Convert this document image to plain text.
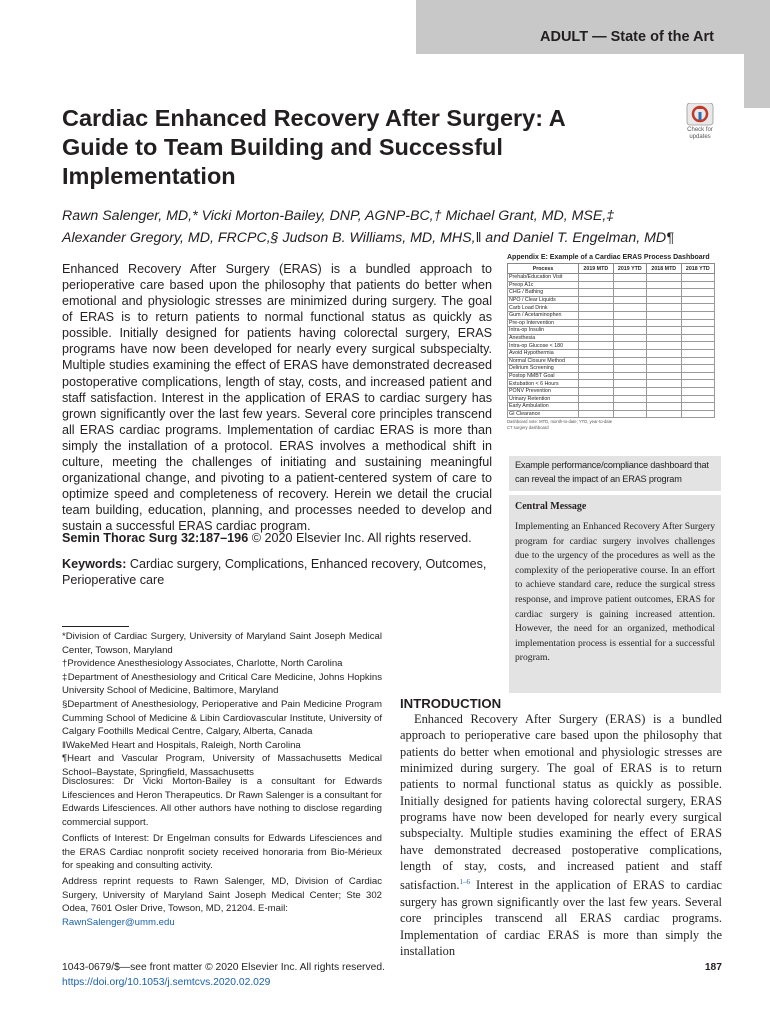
ADULT — State of the Art
Cardiac Enhanced Recovery After Surgery: A Guide to Team Building and Successful Implementation
Check for updates
Rawn Salenger, MD,* Vicki Morton-Bailey, DNP, AGNP-BC,† Michael Grant, MD, MSE,‡
Alexander Gregory, MD, FRCPC,§ Judson B. Williams, MD, MHS,‖ and Daniel T. Engelman, MD¶
Enhanced Recovery After Surgery (ERAS) is a bundled approach to perioperative care based upon the philosophy that patients do better when emotional and physiologic stresses are minimized during surgery. The goal of ERAS is to return patients to normal functional status as quickly as possible. Initially designed for patients having colorectal surgery, ERAS programs have now been developed for nearly every surgical subspecialty. Multiple studies examining the effect of ERAS have demonstrated decreased postoperative complications, length of stay, costs, and increased patient and staff satisfaction. Interest in the application of ERAS to cardiac surgery has grown significantly over the last few years. Several core principles transcend all ERAS cardiac programs. Implementation of cardiac ERAS is more than simply the installation of a protocol. ERAS involves a methodical shift in culture, meeting the challenges of initiating and sustaining meaningful organizational change, and pivoting to a patient-centered system of care to optimize speed and completeness of recovery. Herein we detail the crucial team building, education, planning, and processes needed to develop and sustain a successful ERAS cardiac program.
Semin Thorac Surg 32:187–196 © 2020 Elsevier Inc. All rights reserved.
Keywords: Cardiac surgery, Complications, Enhanced recovery, Outcomes, Perioperative care
Appendix E: Example of a Cardiac ERAS Process Dashboard
Process	2019 MTD	2019 YTD	2018 MTD	2018 YTD
Prehab/Education Visit				
Preop A1c				
CHG / Bathing				
NPO / Clear Liquids				
Carb Load Drink				
Gum / Acetaminophen				
Pre-op Intervention				
Intra-op Insulin				
Anesthesia				
Intra-op Glucose < 180				
Avoid Hypothermia				
Normal Closure Method				
Delirium Screening				
Postop NMBT Goal				
Extubation < 6 Hours				
PONV Prevention				
Urinary Retention				
Early Ambulation				
GI Clearance				
Dashboard note: MTD, month-to-date; YTD, year-to-date
CT surgery dashboard
Example performance/compliance dashboard that can reveal the impact of an ERAS program
Central Message
Implementing an Enhanced Recovery After Surgery program for cardiac surgery involves challenges due to the urgency of the procedures as well as the complexity of the perioperative course. In an effort to achieve standard care, reduce the surgical stress response, and improve patient outcomes, ERAS for cardiac surgery is gaining increased attention. However, the need for an organized, methodical implementation process is essential for a successful program.
*Division of Cardiac Surgery, University of Maryland Saint Joseph Medical Center, Towson, Maryland
†Providence Anesthesiology Associates, Charlotte, North Carolina
‡Department of Anesthesiology and Critical Care Medicine, Johns Hopkins University School of Medicine, Baltimore, Maryland
§Department of Anesthesiology, Perioperative and Pain Medicine Program Cumming School of Medicine & Libin Cardiovascular Institute, University of Calgary Foothills Medical Centre, Calgary, Alberta, Canada
‖WakeMed Heart and Hospitals, Raleigh, North Carolina
¶Heart and Vascular Program, University of Massachusetts Medical School–Baystate, Springfield, Massachusetts
Disclosures: Dr Vicki Morton-Bailey is a consultant for Edwards Lifesciences and Heron Therapeutics. Dr Rawn Salenger is a consultant for Edwards Lifesciences. All other authors have nothing to disclose regarding commercial support.
Conflicts of Interest: Dr Engelman consults for Edwards Lifesciences and the ERAS Cardiac nonprofit society received honoraria from Bio-Mérieux for speaking and consulting activity.
Address reprint requests to Rawn Salenger, MD, Division of Cardiac Surgery, University of Maryland Saint Joseph Medical Center; Ste 302 Odea, 7601 Osler Drive, Towson, MD, 21204. E-mail:
RawnSalenger@umm.edu
INTRODUCTION
Enhanced Recovery After Surgery (ERAS) is a bundled approach to perioperative care based upon the philosophy that patients do better when emotional and physiologic stresses are minimized during surgery. The goal of ERAS is to return patients to normal functional status as quickly as possible. Initially designed for patients having colorectal surgery, ERAS programs have now been developed for nearly every surgical subspecialty. Multiple studies examining the effect of ERAS have demonstrated decreased postoperative complications, length of stay, costs, and increased patient and staff satisfaction.$^{1-6}$ Interest in the application of ERAS to cardiac surgery has grown significantly over the last few years. Several core principles transcend all ERAS cardiac programs. Implementation of cardiac ERAS is more than simply the installation
1043-0679/$—see front matter © 2020 Elsevier Inc. All rights reserved.
https://doi.org/10.1053/j.semtcvs.2020.02.029
187
